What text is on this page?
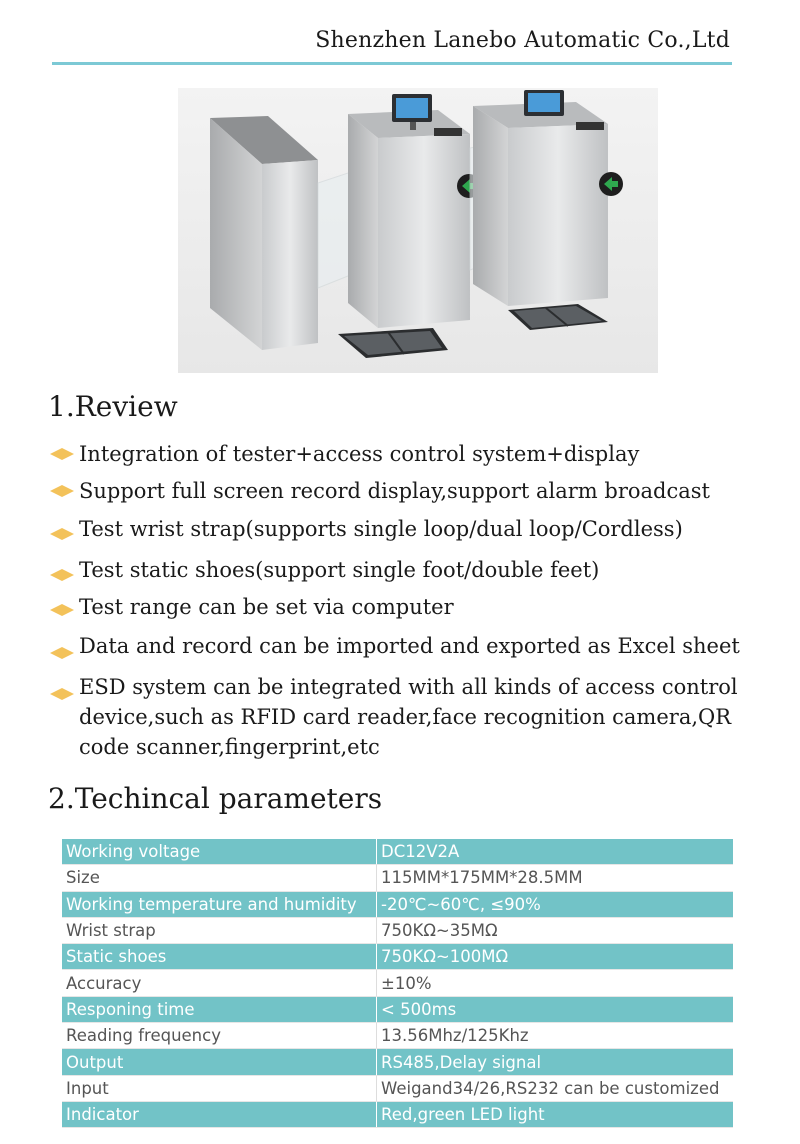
Shenzhen Lanebo Automatic Co.,Ltd
1.Review
Integration of tester+access control system+display
Support full screen record display,support alarm broadcast
Test wrist strap(supports single loop/dual loop/Cordless)
Test static shoes(support single foot/double feet)
Test range can be set via computer
Data and record can be imported and exported as Excel sheet
ESD system can be integrated with all kinds of access control device,such as RFID card reader,face recognition camera,QR code scanner,fingerprint,etc
2.Techincal parameters
Working voltage	DC12V2A
Size	115MM*175MM*28.5MM
Working temperature and humidity	-20℃~60℃, ≤90%
Wrist strap	750KΩ~35MΩ
Static shoes	750KΩ~100MΩ
Accuracy	±10%
Responing time	< 500ms
Reading frequency	13.56Mhz/125Khz
Output	RS485,Delay signal
Input	Weigand34/26,RS232 can be customized
Indicator	Red,green LED light
